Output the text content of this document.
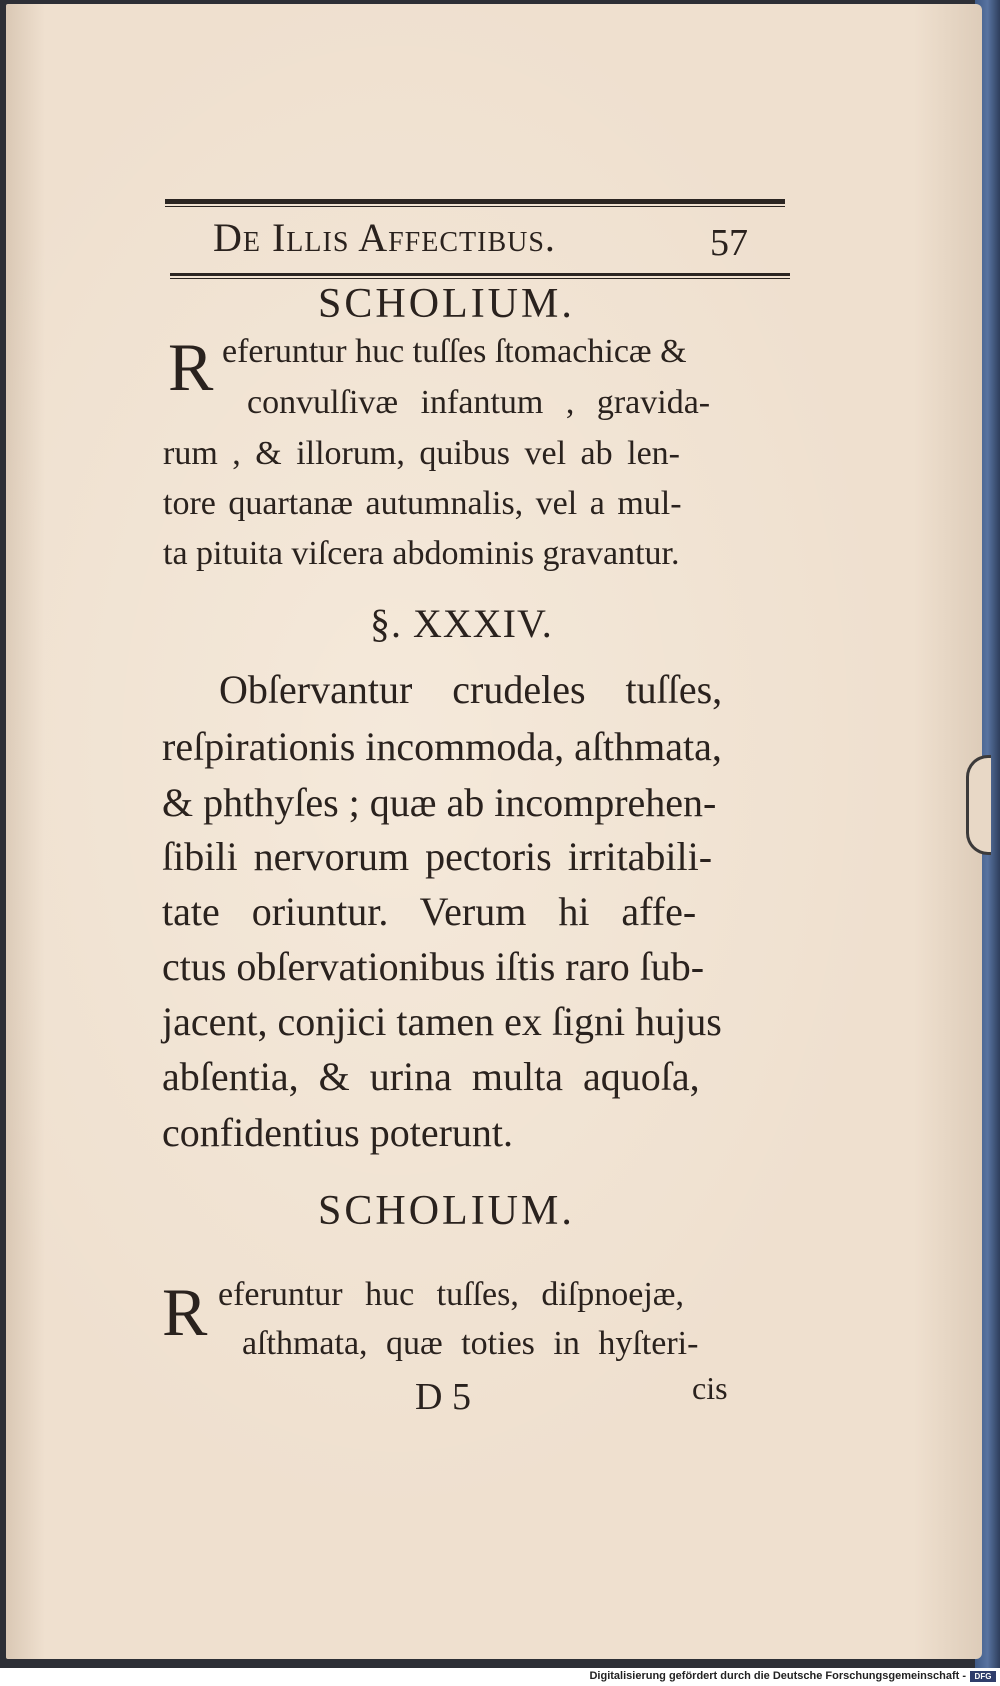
De Illis Affectibus.	57
SCHOLIUM.
R eferuntur huc tuſſes ſtomachicæ &
convulſivæ infantum , gravida-
rum , & illorum, quibus vel ab len-
tore quartanæ autumnalis, vel a mul-
ta pituita viſcera abdominis gravantur.
§. XXXIV.
Obſervantur crudeles tuſſes,
reſpirationis incommoda, aſthmata,
& phthyſes ; quæ ab incomprehen-
ſibili nervorum pectoris irritabili-
tate oriuntur. Verum hi affe-
ctus obſervationibus iſtis raro ſub-
jacent, conjici tamen ex ſigni hujus
abſentia, & urina multa aquoſa,
confidentius poterunt.
SCHOLIUM.
R eferuntur huc tuſſes, diſpnoejæ,
aſthmata, quæ toties in hyſteri-
D 5	cis
Digitalisierung gefördert durch die Deutsche Forschungsgemeinschaft -	DFG
